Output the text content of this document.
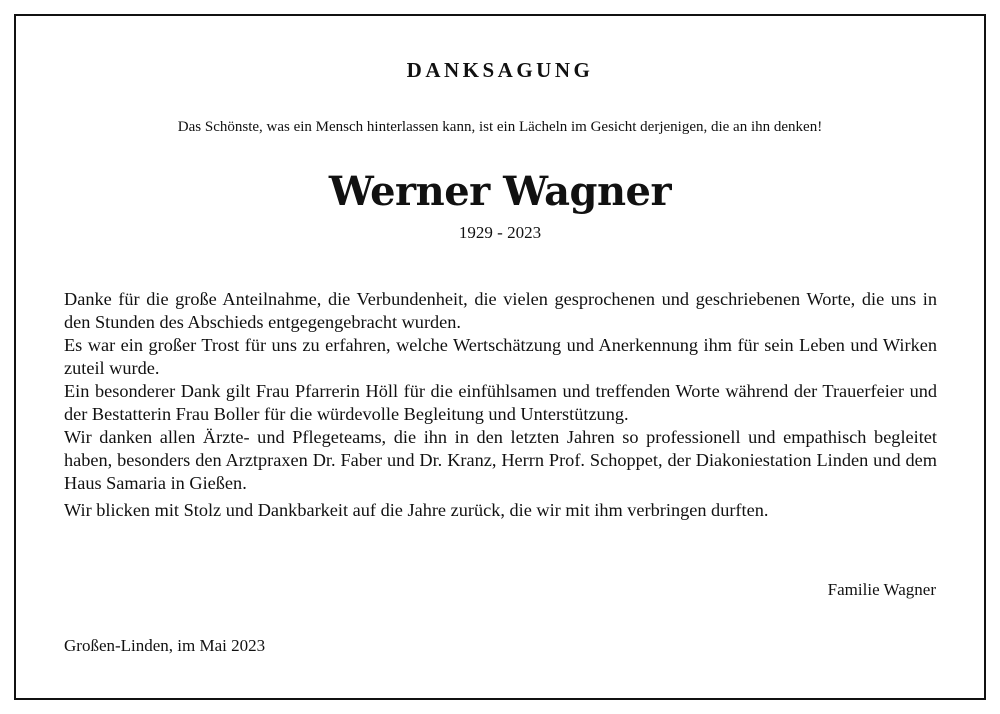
DANKSAGUNG
Das Schönste, was ein Mensch hinterlassen kann, ist ein Lächeln im Gesicht derjenigen, die an ihn denken!
Werner Wagner
1929 - 2023

Danke für die große Anteilnahme, die Verbundenheit, die vielen gesprochenen und geschriebenen Worte, die uns in den Stunden des Abschieds entgegengebracht wurden.

Es war ein großer Trost für uns zu erfahren, welche Wertschätzung und Anerkennung ihm für sein Leben und Wirken zuteil wurde.

Ein besonderer Dank gilt Frau Pfarrerin Höll für die einfühlsamen und treffenden Worte während der Trauerfeier und der Bestatterin Frau Boller für die würdevolle Begleitung und Unterstützung.

Wir danken allen Ärzte- und Pflegeteams, die ihn in den letzten Jahren so professionell und empathisch begleitet haben, besonders den Arztpraxen Dr. Faber und Dr. Kranz, Herrn Prof. Schoppet, der Diakoniestation Linden und dem Haus Samaria in Gießen.

Wir blicken mit Stolz und Dankbarkeit auf die Jahre zurück, die wir mit ihm verbringen durften.

Familie Wagner
Großen-Linden, im Mai 2023
